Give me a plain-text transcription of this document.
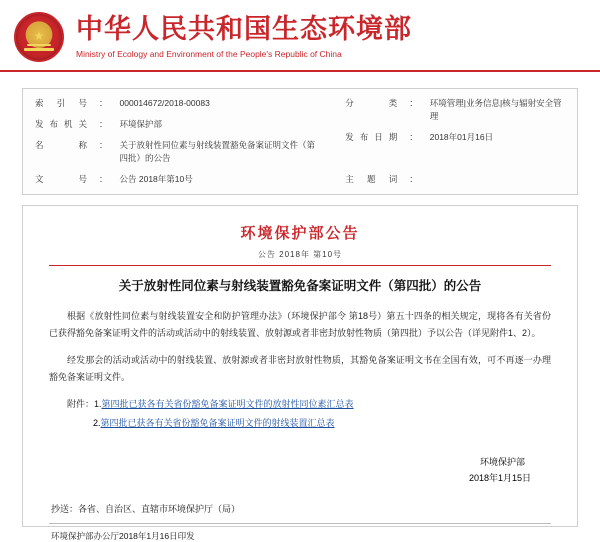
★ 中华人民共和国生态环境部
Ministry of Ecology and Environment of the People's Republic of China
索 引 号	：	000014672/2018-00083
发布机关	：	环境保护部
名 称	：	关于放射性同位素与射线装置豁免备案证明文件（第四批）的公告
文 号	：	公告 2018年第10号

分 类	：	环境管理|业务信息|核与辐射安全管理
发布日期	：	2018年01月16日

主 题 词	：	
环境保护部公告
公告 2018年 第10号
关于放射性同位素与射线装置豁免备案证明文件（第四批）的公告

根据《放射性同位素与射线装置安全和防护管理办法》（环境保护部令 第18号）第五十四条的相关规定，现将各有关省份已获得豁免备案证明文件的活动或活动中的射线装置、放射源或者非密封放射性物质（第四批）予以公告（详见附件1、2）。

经发那会的活动或活动中的射线装置、放射源或者非密封放射性物质，其豁免备案证明文书在全国有效，可不再逐一办理豁免备案证明文件。

附件：1.第四批已获各有关省份豁免备案证明文件的放射性同位素汇总表

2.第四批已获各有关省份豁免备案证明文件的射线装置汇总表

环境保护部
2018年1月15日
抄送：各省、自治区、直辖市环境保护厅（局）
环境保护部办公厅2018年1月16日印发
